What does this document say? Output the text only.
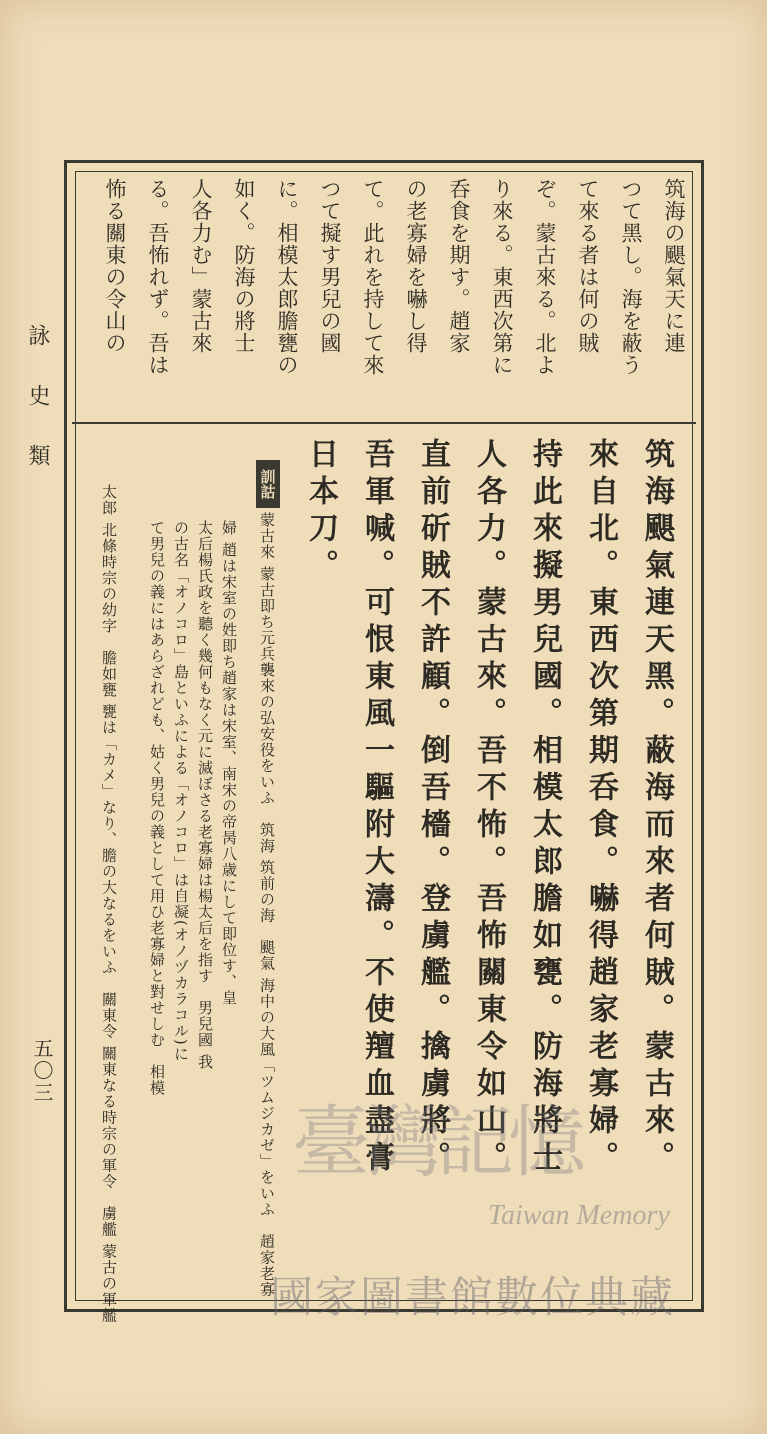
詠史類
五〇三
筑海の颶氣天に連
つて黑し。海を蔽う
て來る者は何の賊
ぞ。蒙古來る。北よ
り來る。東西次第に
呑食を期す。趙家
の老寡婦を嚇し得
て。此れを持して來
つて擬す男兒の國
に。相模太郎膽甕の
如く。防海の將士
人各力む」蒙古來
る。吾怖れず。吾は
怖る關東の令山の
筑海颶氣連天黑。蔽海而來者何賊。蒙古來。
來自北。東西次第期呑食。嚇得趙家老寡婦。
持此來擬男兒國。相模太郎膽如甕。防海將士
人各力。蒙古來。吾不怖。吾怖關東令如山。
直前斫賊不許顧。倒吾檣。登虜艦。擒虜將。
吾軍喊。可恨東風一驅附大濤。不使羶血盡膏
日本刀。
訓詁
蒙古來 蒙古即ち元兵襲來の弘安役をいふ　筑海 筑前の海　颶氣 海中の大風「ツムジカゼ」をいふ　趙家老寡
婦 趙は宋室の姓即ち趙家は宋室、南宋の帝昺八歳にして即位す、皇
太后楊氏政を聽く幾何もなく元に滅ぼさる老寡婦は楊太后を指す　男兒國 我
の古名「オノコロ」島といふによる「オノコロ」は自凝(オノヅカラコル)に
て男兒の義にはあらざれども、姑く男兒の義として用ひ老寡婦と對せしむ　相模
太郎 北條時宗の幼字　膽如甕 甕は「カメ」なり、膽の大なるをいふ　關東令 關東なる時宗の軍令　虜艦 蒙古の軍艦 臺灣記憶
Taiwan Memory
國家圖書館數位典藏
